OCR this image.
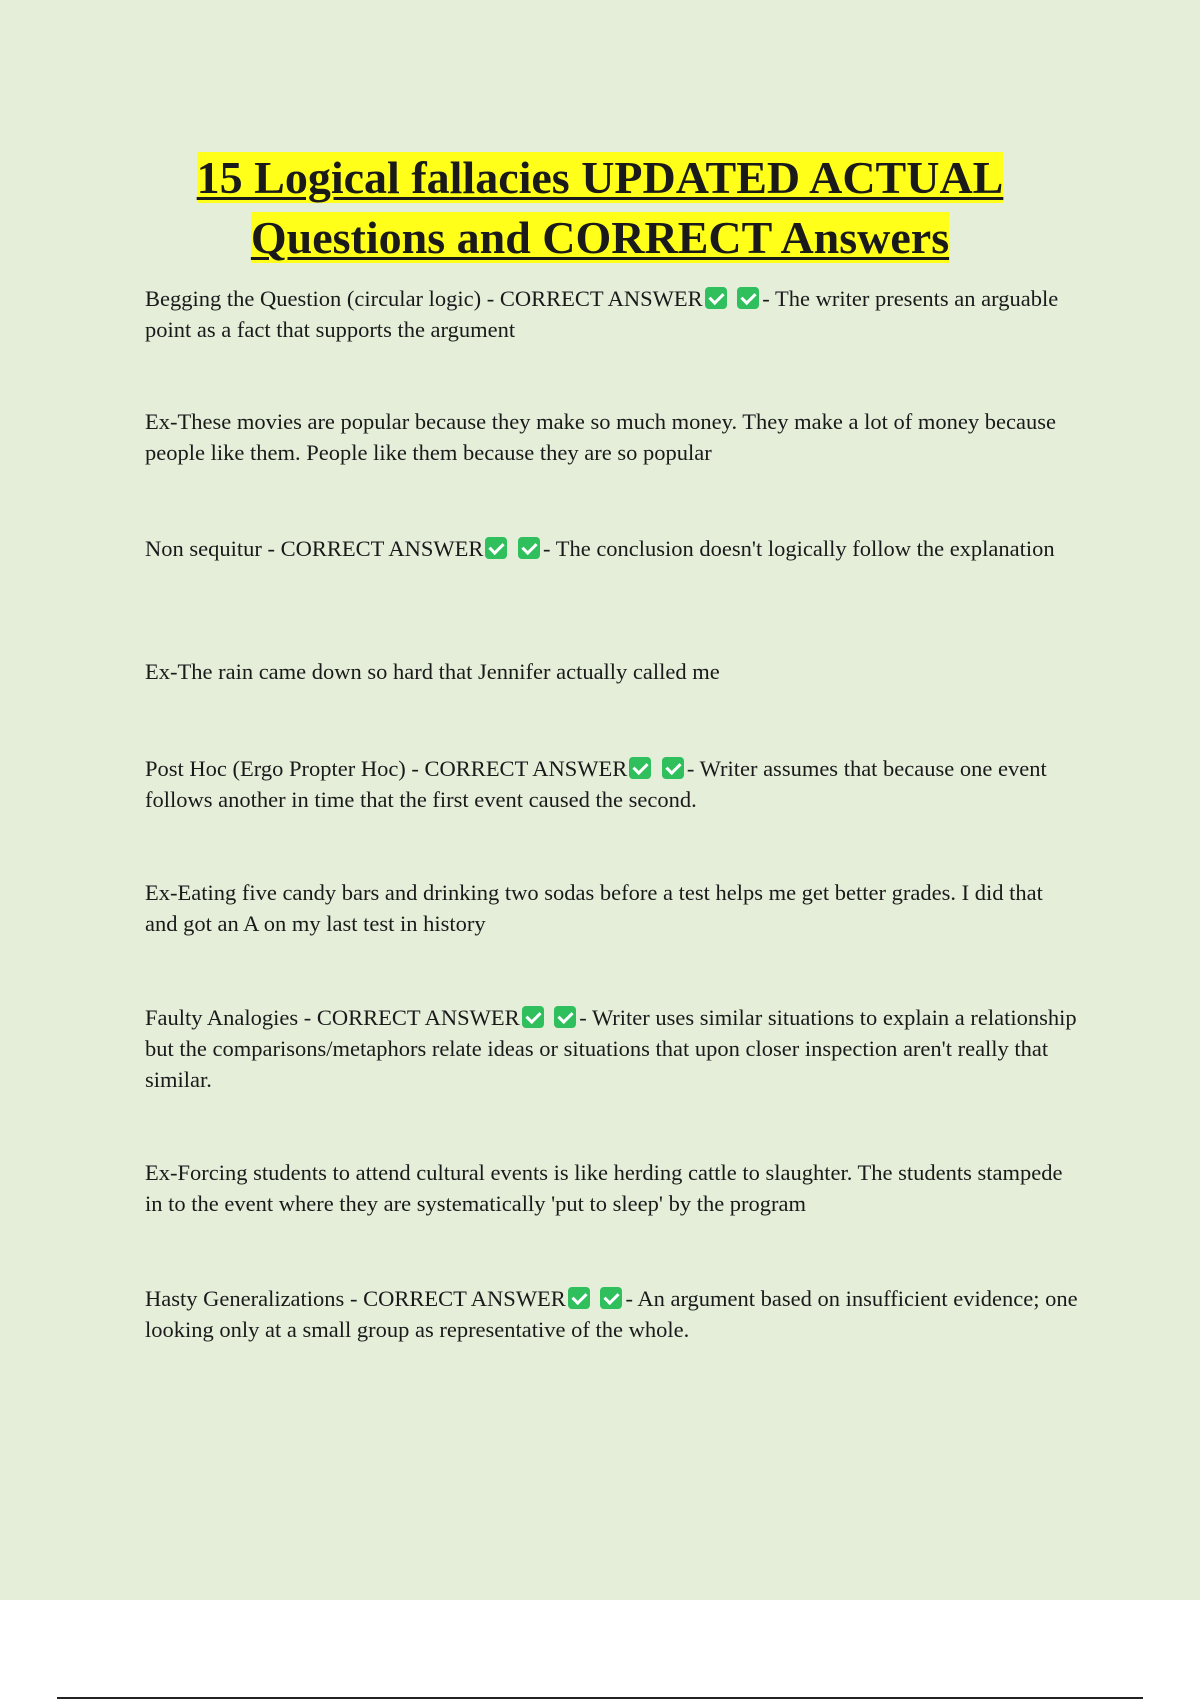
15 Logical fallacies UPDATED ACTUAL
Questions and CORRECT Answers
Begging the Question (circular logic) - CORRECT ANSWER	- The writer presents an arguable point as a fact that supports the argument
Ex-These movies are popular because they make so much money. They make a lot of money because people like them. People like them because they are so popular
Non sequitur - CORRECT ANSWER	- The conclusion doesn't logically follow the explanation
Ex-The rain came down so hard that Jennifer actually called me
Post Hoc (Ergo Propter Hoc) - CORRECT ANSWER	- Writer assumes that because one event follows another in time that the first event caused the second.
Ex-Eating five candy bars and drinking two sodas before a test helps me get better grades. I did that and got an A on my last test in history
Faulty Analogies - CORRECT ANSWER	- Writer uses similar situations to explain a relationship but the comparisons/metaphors relate ideas or situations that upon closer inspection aren't really that similar.
Ex-Forcing students to attend cultural events is like herding cattle to slaughter. The students stampede in to the event where they are systematically 'put to sleep' by the program
Hasty Generalizations - CORRECT ANSWER	- An argument based on insufficient evidence; one looking only at a small group as representative of the whole.
